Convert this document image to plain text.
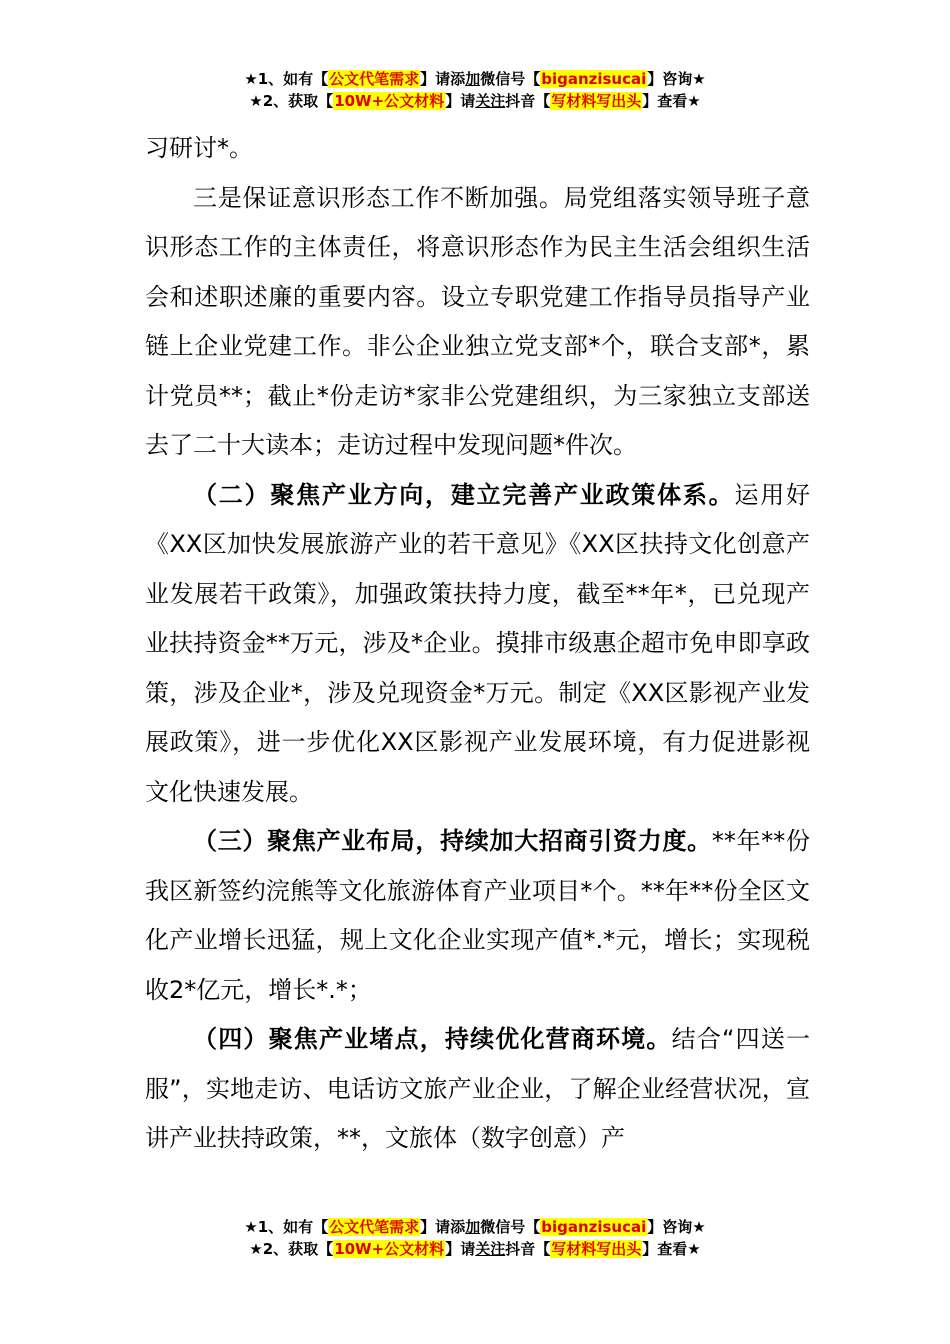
★1、如有【公文代笔需求】请添加微信号【biganzisucai】咨询★
★2、获取【10W+公文材料】请关注抖音【写材料写出头】查看★

习研讨*。

三是保证意识形态工作不断加强。局党组落实领导班子意识形态工作的主体责任，将意识形态作为民主生活会组织生活会和述职述廉的重要内容。设立专职党建工作指导员指导产业链上企业党建工作。非公企业独立党支部*个，联合支部*，累计党员**；截止*份走访*家非公党建组织，为三家独立支部送去了二十大读本；走访过程中发现问题*件次。

（二）聚焦产业方向，建立完善产业政策体系。运用好《XX区加快发展旅游产业的若干意见》《XX区扶持文化创意产业发展若干政策》，加强政策扶持力度，截至**年*，已兑现产业扶持资金**万元，涉及*企业。摸排市级惠企超市免申即享政策，涉及企业*，涉及兑现资金*万元。制定《XX区影视产业发展政策》，进一步优化XX区影视产业发展环境，有力促进影视文化快速发展。

（三）聚焦产业布局，持续加大招商引资力度。**年**份我区新签约浣熊等文化旅游体育产业项目*个。**年**份全区文化产业增长迅猛，规上文化企业实现产值*.*元，增长；实现税收2*亿元，增长*.*；

（四）聚焦产业堵点，持续优化营商环境。结合“四送一服”，实地走访、电话访文旅产业企业，了解企业经营状况，宣讲产业扶持政策，**，文旅体（数字创意）产

★1、如有【公文代笔需求】请添加微信号【biganzisucai】咨询★
★2、获取【10W+公文材料】请关注抖音【写材料写出头】查看★
